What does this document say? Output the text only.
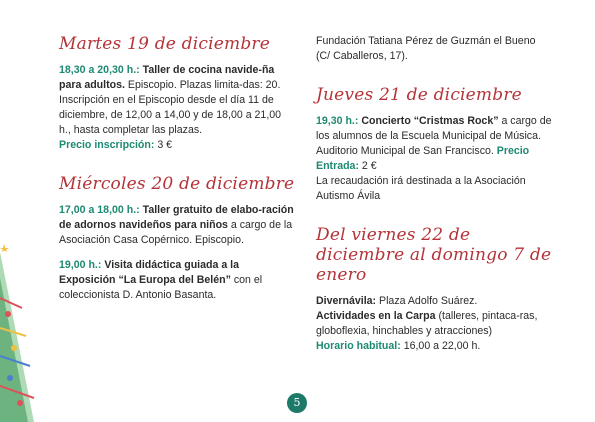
Martes 19 de diciembre

18,30 a 20,30 h.: Taller de cocina navide-ña para adultos. Episcopio. Plazas limita-das: 20. Inscripción en el Episcopio desde el día 11 de diciembre, de 12,00 a 14,00 y de 18,00 a 21,00 h., hasta completar las plazas.
Precio inscripción: 3 €

Miércoles 20 de diciembre

17,00 a 18,00 h.: Taller gratuito de elabo-ración de adornos navideños para niños a cargo de la Asociación Casa Copérnico. Episcopio.

19,00 h.: Visita didáctica guiada a la Exposición “La Europa del Belén” con el coleccionista D. Antonio Basanta.

Fundación Tatiana Pérez de Guzmán el Bueno (C/ Caballeros, 17).

Jueves 21 de diciembre

19,30 h.: Concierto “Cristmas Rock” a cargo de los alumnos de la Escuela Municipal de Música. Auditorio Municipal de San Francisco. Precio Entrada: 2 €
La recaudación irá destinada a la Asociación Autismo Ávila

Del viernes 22 de diciembre al domingo 7 de enero

Divernávila: Plaza Adolfo Suárez.
Actividades en la Carpa (talleres, pintaca-ras, globoflexia, hinchables y atracciones)
Horario habitual: 16,00 a 22,00 h.

5
